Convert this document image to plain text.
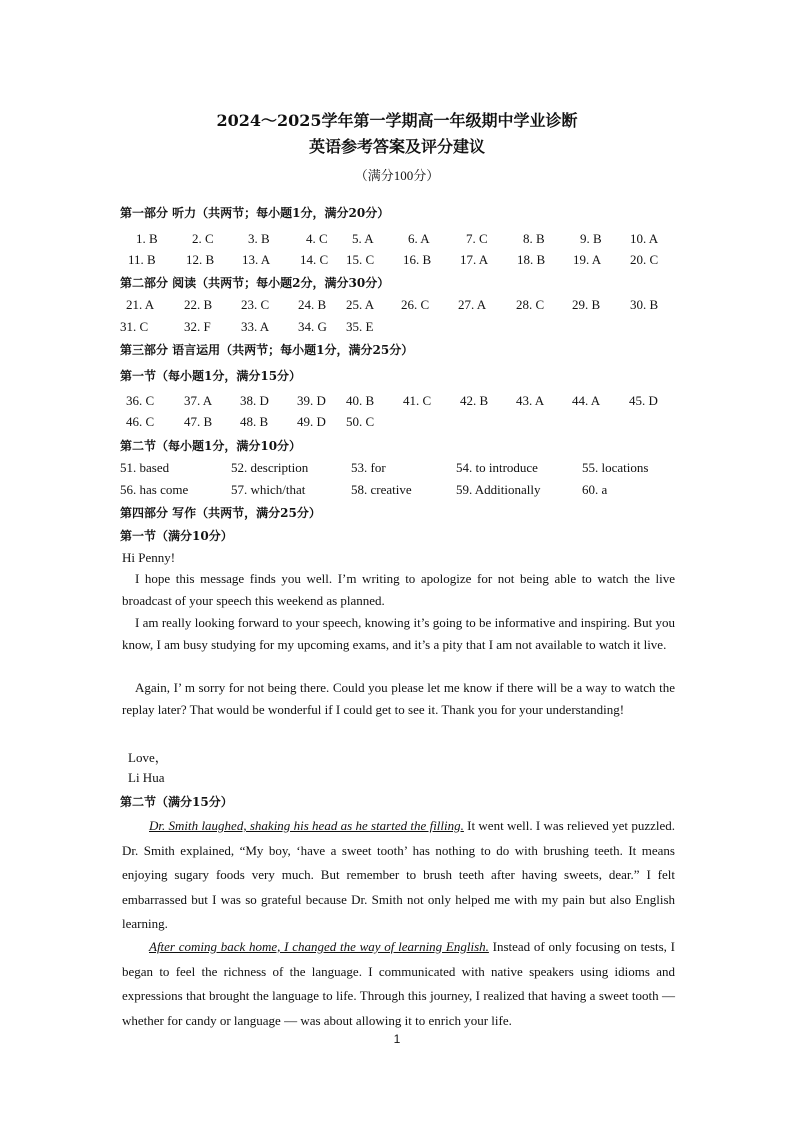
2024～2025学年第一学期高一年级期中学业诊断
英语参考答案及评分建议
（满分100分）
第一部分 听力（共两节；每小题1分，满分20分）
1. B	2. C	3. B	4. C 5. A	6. A	7. C	8. B	9. B 10. A
11. B 12. B 13. A 14. C 15. C 16. B 17. A 18. B 19. A 20. C
第二部分 阅读（共两节；每小题2分，满分30分）
21. A 22. B 23. C 24. B 25. A 26. C 27. A 28. C 29. B 30. B
31. C	32. F 33. A 34. G 35. E
第三部分 语言运用（共两节；每小题1分，满分25分）
第一节（每小题1分，满分15分）
36. C 37. A 38. D 39. D 40. B 41. C 42. B 43. A 44. A 45. D
46. C 47. B 48. B 49. D 50. C
第二节（每小题1分，满分10分）
51. based	52. description	53. for	54. to introduce	55. locations
56. has come	57. which/that	58. creative	59. Additionally	60. a
第四部分 写作（共两节，满分25分）
第一节（满分10分）
Hi Penny!

I hope this message finds you well. I’m writing to apologize for not being able to watch the live broadcast of your speech this weekend as planned.

I am really looking forward to your speech, knowing it’s going to be informative and inspiring. But you know, I am busy studying for my upcoming exams, and it’s a pity that I am not available to watch it live.

Again, I’ m sorry for not being there. Could you please let me know if there will be a way to watch the replay later? That would be wonderful if I could get to see it. Thank you for your understanding!

Love，
Li Hua
第二节（满分15分）

Dr. Smith laughed, shaking his head as he started the filling. It went well. I was relieved yet puzzled. Dr. Smith explained, “My boy, ‘have a sweet tooth’ has nothing to do with brushing teeth. It means enjoying sugary foods very much. But remember to brush teeth after having sweets, dear.” I felt embarrassed but I was so grateful because Dr. Smith not only helped me with my pain but also English learning.

After coming back home, I changed the way of learning English. Instead of only focusing on tests, I began to feel the richness of the language. I communicated with native speakers using idioms and expressions that brought the language to life. Through this journey, I realized that having a sweet tooth — whether for candy or language — was about allowing it to enrich your life.

1
